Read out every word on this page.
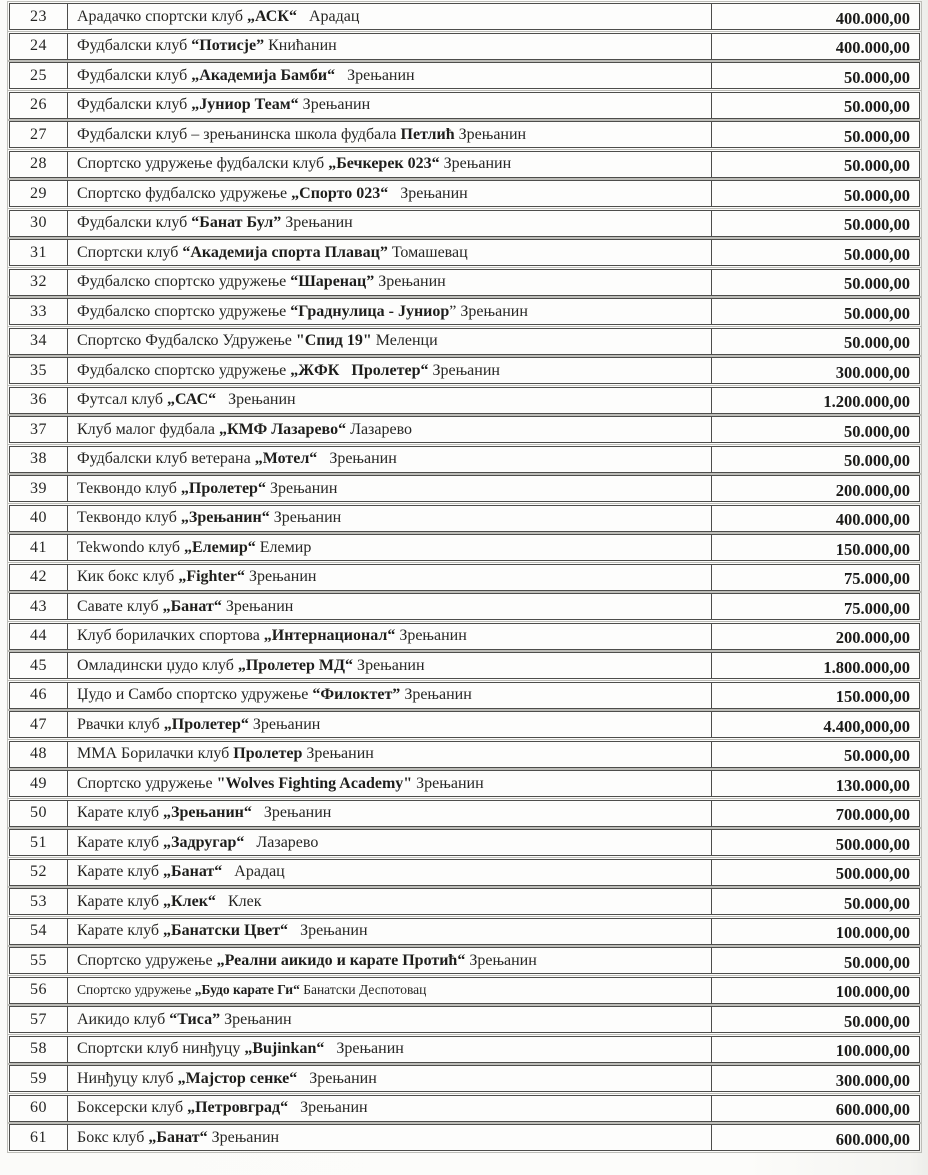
23	Арадачко спортски клуб „АСК“ Арадац	400.000,00
24	Фудбалски клуб “Потисје” Книћанин	400.000,00
25	Фудбалски клуб „Академија Бамби“ Зрењанин	50.000,00
26	Фудбалски клуб „Јуниор Теам“ Зрењанин	50.000,00
27	Фудбалски клуб – зрењанинска школа фудбала Петлић Зрењанин	50.000,00
28	Спортско удружење фудбалски клуб „Бечкерек 023“ Зрењанин	50.000,00
29	Спортско фудбалско удружење „Спорто 023“ Зрењанин	50.000,00
30	Фудбалски клуб “Банат Бул” Зрењанин	50.000,00
31	Спортски клуб “Академија спорта Плавац” Томашевац	50.000,00
32	Фудбалско спортско удружење “Шаренац” Зрењанин	50.000,00
33	Фудбалско спортско удружење “Граднулица - Јуниор ” Зрењанин	50.000,00
34	Спортско Фудбалско Удружење "Спид 19" Меленци	50.000,00
35	Фудбалско спортско удружење „ЖФК   Пролетер“ Зрењанин	300.000,00
36	Футсал клуб „САС“ Зрењанин	1.200.000,00
37	Клуб малог фудбала „КМФ Лазарево“ Лазарево	50.000,00
38	Фудбалски клуб ветерана „Мотел“ Зрењанин	50.000,00
39	Теквондо клуб „Пролетер“ Зрењанин	200.000,00
40	Теквондо клуб „Зрењанин“ Зрењанин	400.000,00
41	Tekwondo клуб „Елемир“ Елемир	150.000,00
42	Кик бокс клуб „Fighter“ Зрењанин	75.000,00
43	Савате клуб „Банат“ Зрењанин	75.000,00
44	Клуб борилачких спортова „Интернационал“ Зрењанин	200.000,00
45	Омладински џудо клуб „Пролетер МД“ Зрењанин	1.800.000,00
46	Џудо и Самбо спортско удружење “Филоктет” Зрењанин	150.000,00
47	Рвачки клуб „Пролетер“ Зрењанин	4.400,000,00
48	ММА Борилачки клуб Пролетер Зрењанин	50.000,00
49	Спортско удружење "Wolves Fighting Academy" Зрењанин	130.000,00
50	Карате клуб „Зрењанин“ Зрењанин	700.000,00
51	Карате клуб „Задругар“ Лазарево	500.000,00
52	Карате клуб „Банат“ Арадац	500.000,00
53	Карате клуб „Клек“ Клек	50.000,00
54	Карате клуб „Банатски Цвет“ Зрењанин	100.000,00
55	Спортско удружење „Реални аикидо и карате Протић“ Зрењанин	50.000,00
56	Спортско удружење „Будо карате Ги“ Банатски Деспотовац	100.000,00
57	Аикидо клуб “Тиса” Зрењанин	50.000,00
58	Спортски клуб нинђуцу „Bujinkan“ Зрењанин	100.000,00
59	Нинђуцу клуб „Мајстор сенке“ Зрењанин	300.000,00
60	Боксерски клуб „Петровград“ Зрењанин	600.000,00
61	Бокс клуб „Банат“ Зрењанин	600.000,00
